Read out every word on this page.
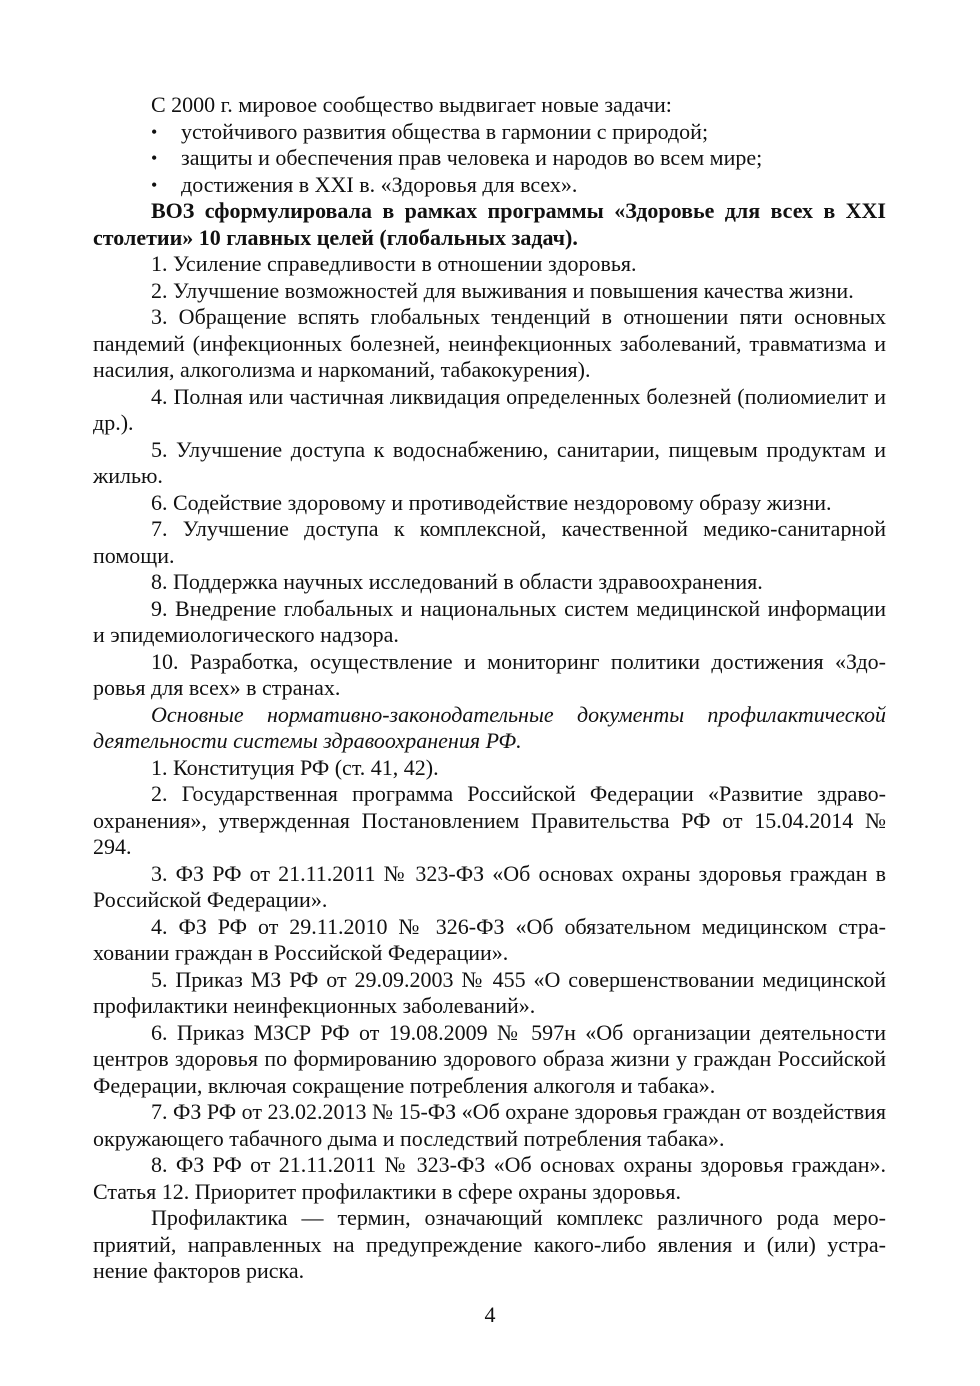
С 2000 г. мировое сообщество выдвигает новые задачи:

• устойчивого развития общества в гармонии с природой;
• защиты и обеспечения прав человека и народов во всем мире;
• достижения в XXI в. «Здоровья для всех».

ВОЗ сформулировала в рамках программы «Здоровье для всех в XXI столетии» 10 главных целей (глобальных задач).

1. Усиление справедливости в отношении здоровья.

2. Улучшение возможностей для выживания и повышения качества жизни.

3. Обращение вспять глобальных тенденций в отношении пяти основных пандемий (инфекционных болезней, неинфекционных заболеваний, травматизма и насилия, алкоголизма и наркоманий, табакокурения).

4. Полная или частичная ликвидация определенных болезней (полиомиелит и др.).

5. Улучшение доступа к водоснабжению, санитарии, пищевым продуктам и жилью.

6. Содействие здоровому и противодействие нездоровому образу жизни.

7. Улучшение доступа к комплексной, качественной медико-санитарной помощи.

8. Поддержка научных исследований в области здравоохранения.

9. Внедрение глобальных и национальных систем медицинской информации и эпидемиологического надзора.

10. Разработка, осуществление и мониторинг политики достижения «Здоровья для всех» в странах.

Основные нормативно-законодательные документы профилактической деятельности системы здравоохранения РФ.

1. Конституция РФ (ст. 41, 42).

2. Государственная программа Российской Федерации «Развитие здравоохранения», утвержденная Постановлением Правительства РФ от 15.04.2014 № 294.

3. ФЗ РФ от 21.11.2011 № 323-ФЗ «Об основах охраны здоровья граждан в Российской Федерации».

4. ФЗ РФ от 29.11.2010 № 326-ФЗ «Об обязательном медицинском страховании граждан в Российской Федерации».

5. Приказ МЗ РФ от 29.09.2003 № 455 «О совершенствовании медицинской профилактики неинфекционных заболеваний».

6. Приказ МЗСР РФ от 19.08.2009 № 597н «Об организации деятельности центров здоровья по формированию здорового образа жизни у граждан Российской Федерации, включая сокращение потребления алкоголя и табака».

7. ФЗ РФ от 23.02.2013 № 15-ФЗ «Об охране здоровья граждан от воздействия окружающего табачного дыма и последствий потребления табака».

8. ФЗ РФ от 21.11.2011 № 323-ФЗ «Об основах охраны здоровья граждан». Статья 12. Приоритет профилактики в сфере охраны здоровья.

Профилактика — термин, означающий комплекс различного рода мероприятий, направленных на предупреждение какого-либо явления и (или) устранение факторов риска.

4
